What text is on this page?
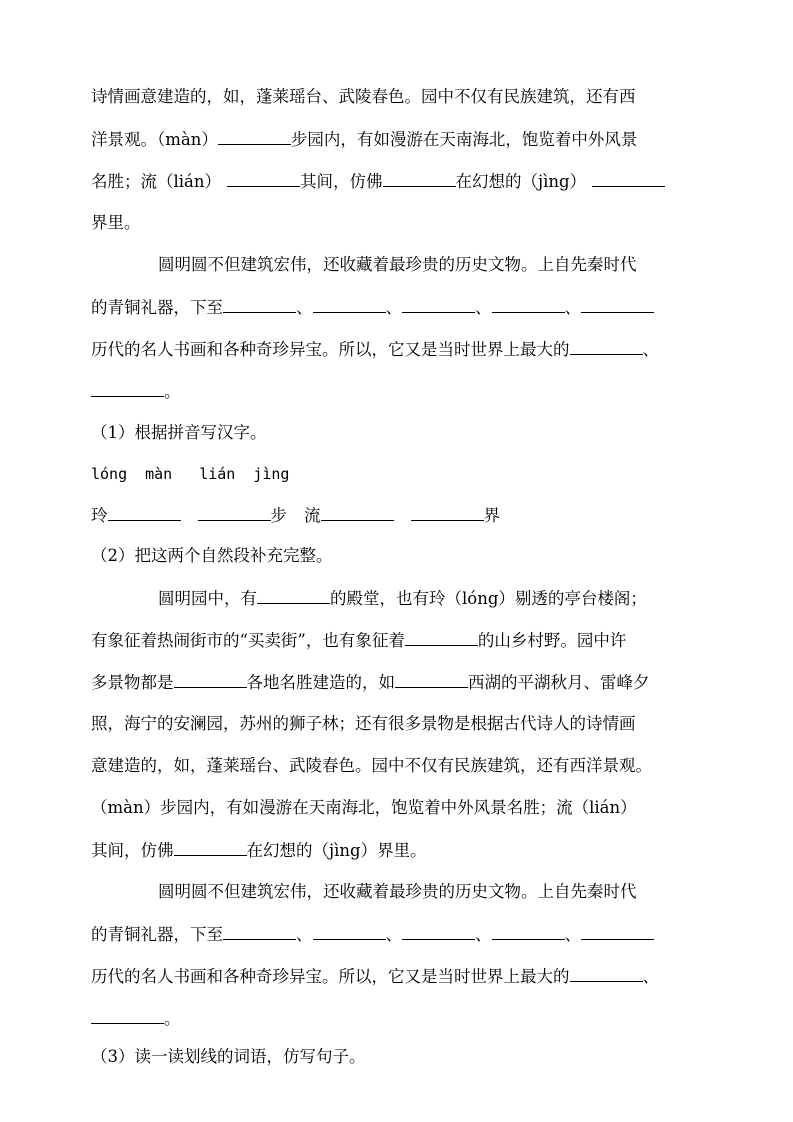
诗情画意建造的，如，蓬莱瑶台、武陵春色。园中不仅有民族建筑，还有西
洋景观。（màn）	步园内，有如漫游在天南海北，饱览着中外风景
名胜；流（lián）	其间，仿佛	在幻想的（jìng）
界里。
圆明圆不但建筑宏伟，还收藏着最珍贵的历史文物。上自先秦时代
的青铜礼器，下至	、	、	、	、
历代的名人书画和各种奇珍异宝。所以，它又是当时世界上最大的	、
。
（1）根据拼音写汉字。
lóng màn lián jìng
玲	步 流	界
（2）把这两个自然段补充完整。
圆明园中，有	的殿堂，也有玲（lóng）剔透的亭台楼阁；
有象征着热闹街市的“买卖街”，也有象征着	的山乡村野。园中许
多景物都是	各地名胜建造的，如	西湖的平湖秋月、雷峰夕
照，海宁的安澜园，苏州的狮子林；还有很多景物是根据古代诗人的诗情画
意建造的，如，蓬莱瑶台、武陵春色。园中不仅有民族建筑，还有西洋景观。
（màn）步园内，有如漫游在天南海北，饱览着中外风景名胜；流（lián）
其间，仿佛	在幻想的（jìng）界里。
圆明圆不但建筑宏伟，还收藏着最珍贵的历史文物。上自先秦时代
的青铜礼器，下至	、	、	、	、
历代的名人书画和各种奇珍异宝。所以，它又是当时世界上最大的	、
。
（3）读一读划线的词语，仿写句子。
